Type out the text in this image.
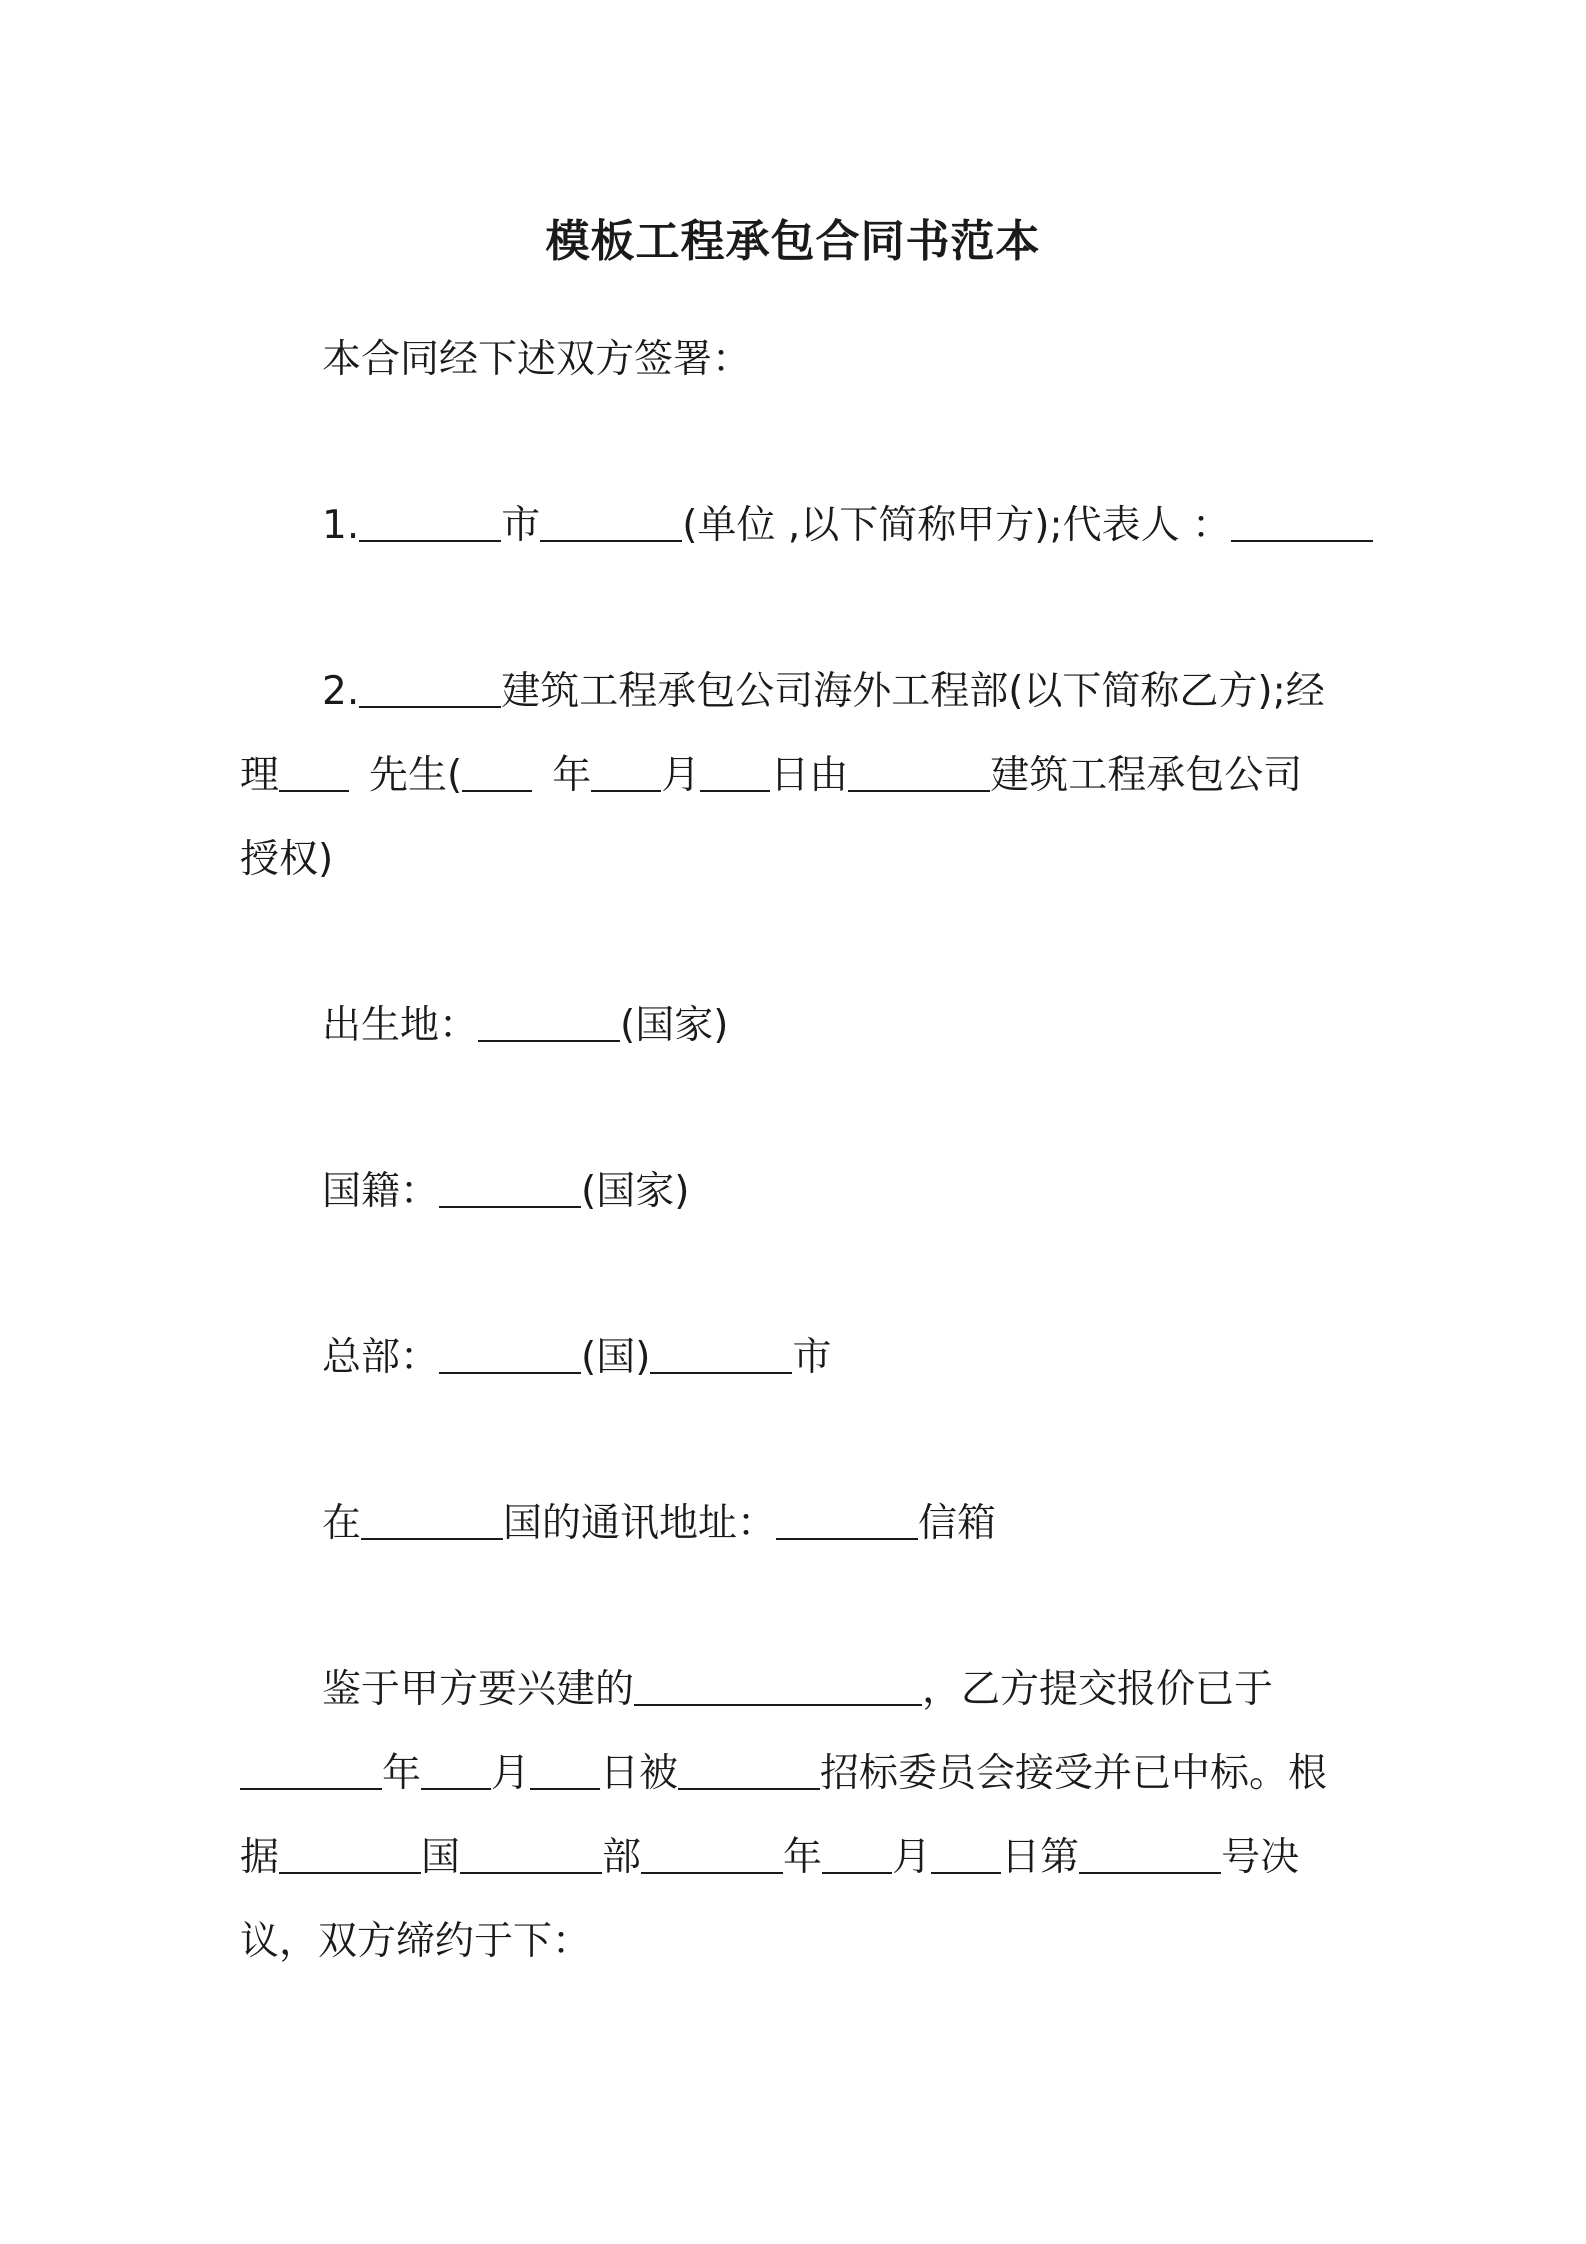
模板工程承包合同书范本
本合同经下述双方签署：
1.	市	(单位 ,以下简称甲方);代表人 ：
2.	建筑工程承包公司海外工程部(以下简称乙方);经
理 先生( 年 月 日由	建筑工程承包公司
授权)
出生地：	(国家)
国籍：	(国家)
总部：	(国)	市
在	国的通讯地址：	信箱
鉴于甲方要兴建的	，乙方提交报价已于
年 月 日被	招标委员会接受并已中标。根
据	国	部	年 月 日第	号决
议，双方缔约于下：
